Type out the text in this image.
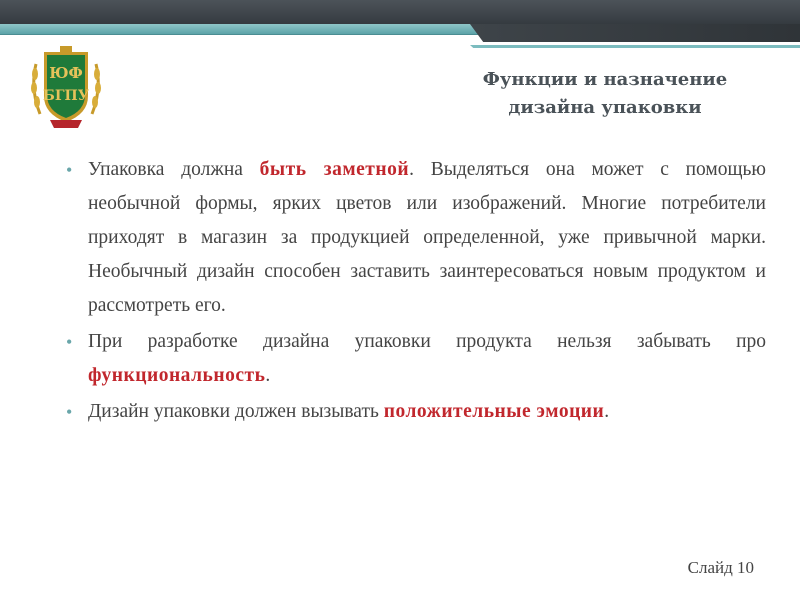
ЮФ
БГПУ
Функции и назначение
дизайна упаковки
• Упаковка должна быть заметной. Выделяться она может с помощью необычной формы, ярких цветов или изображений. Многие потребители приходят в магазин за продукцией определенной, уже привычной марки. Необычный дизайн способен заставить заинтересоваться новым продуктом и рассмотреть его.
• При разработке дизайна упаковки продукта нельзя забывать про функциональность.
• Дизайн упаковки должен вызывать положительные эмоции.
Слайд 10
